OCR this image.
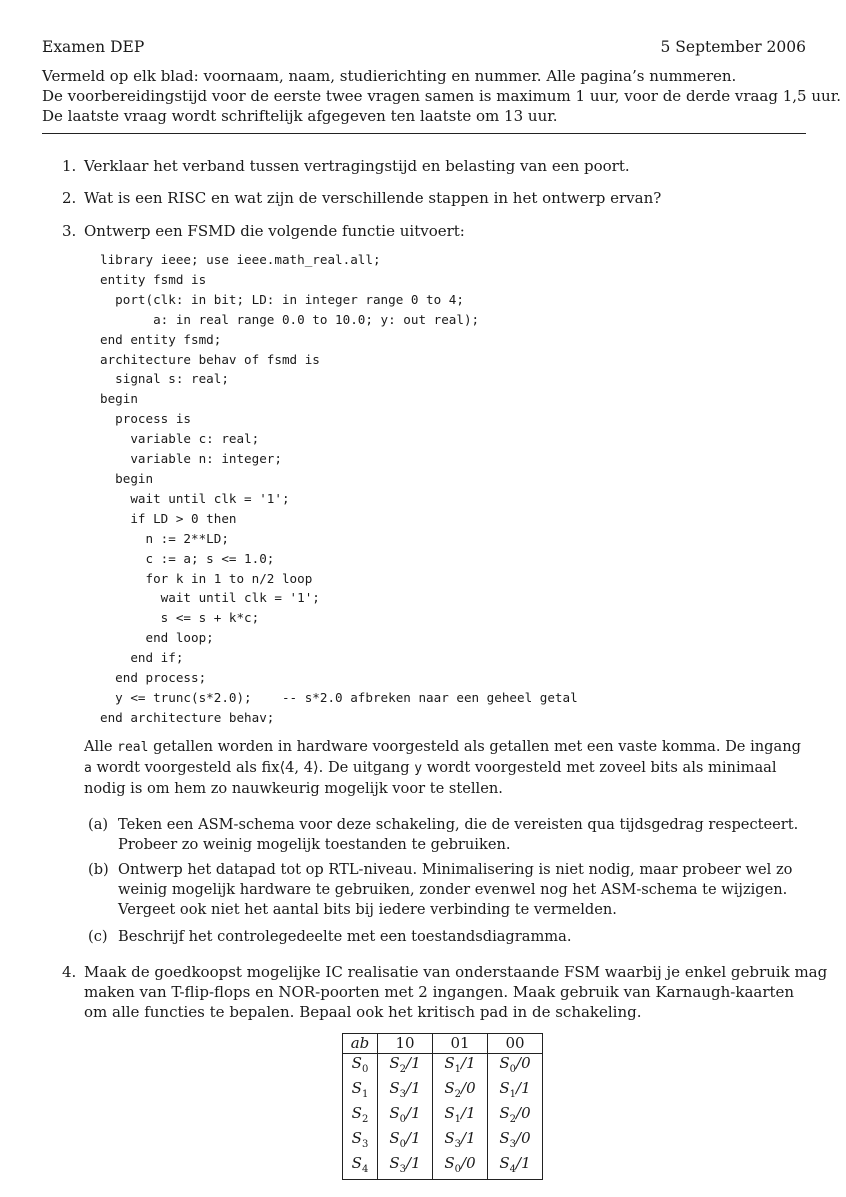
Examen DEP	5 September 2006
Vermeld op elk blad: voornaam, naam, studierichting en nummer. Alle pagina’s nummeren.
De voorbereidingstijd voor de eerste twee vragen samen is maximum 1 uur, voor de derde vraag 1,5 uur.
De laatste vraag wordt schriftelijk afgegeven ten laatste om 13 uur.
1. Verklaar het verband tussen vertragingstijd en belasting van een poort.
2. Wat is een RISC en wat zijn de verschillende stappen in het ontwerp ervan?
3. Ontwerp een FSMD die volgende functie uitvoert:
library ieee; use ieee.math_real.all;
entity fsmd is
port(clk: in bit; LD: in integer range 0 to 4;
a: in real range 0.0 to 10.0; y: out real);
end entity fsmd;
architecture behav of fsmd is
signal s: real;
begin
process is
variable c: real;
variable n: integer;
begin
wait until clk = '1';
if LD > 0 then
n := 2**LD;
c := a; s <= 1.0;
for k in 1 to n/2 loop
wait until clk = '1';
s <= s + k*c;
end loop;
end if;
end process;
y <= trunc(s*2.0);    -- s*2.0 afbreken naar een geheel getal
end architecture behav;
Alle real getallen worden in hardware voorgesteld als getallen met een vaste komma. De ingang
a wordt voorgesteld als fix⟨4, 4⟩. De uitgang y wordt voorgesteld met zoveel bits als minimaal
nodig is om hem zo nauwkeurig mogelijk voor te stellen.
(a) Teken een ASM-schema voor deze schakeling, die de vereisten qua tijdsgedrag respecteert.
Probeer zo weinig mogelijk toestanden te gebruiken.
(b) Ontwerp het datapad tot op RTL-niveau. Minimalisering is niet nodig, maar probeer wel zo
weinig mogelijk hardware te gebruiken, zonder evenwel nog het ASM-schema te wijzigen.
Vergeet ook niet het aantal bits bij iedere verbinding te vermelden.
(c) Beschrijf het controlegedeelte met een toestandsdiagramma.
4. Maak de goedkoopst mogelijke IC realisatie van onderstaande FSM waarbij je enkel gebruik mag
maken van T-flip-flops en NOR-poorten met 2 ingangen. Maak gebruik van Karnaugh-kaarten
om alle functies te bepalen. Bepaal ook het kritisch pad in de schakeling.
ab	10	01	00
$S_0$	$S_2/1$	$S_1/1$	$S_0/0$
$S_1$	$S_3/1$	$S_2/0$	$S_1/1$
$S_2$	$S_0/1$	$S_1/1$	$S_2/0$
$S_3$	$S_0/1$	$S_3/1$	$S_3/0$
$S_4$	$S_3/1$	$S_0/0$	$S_4/1$
